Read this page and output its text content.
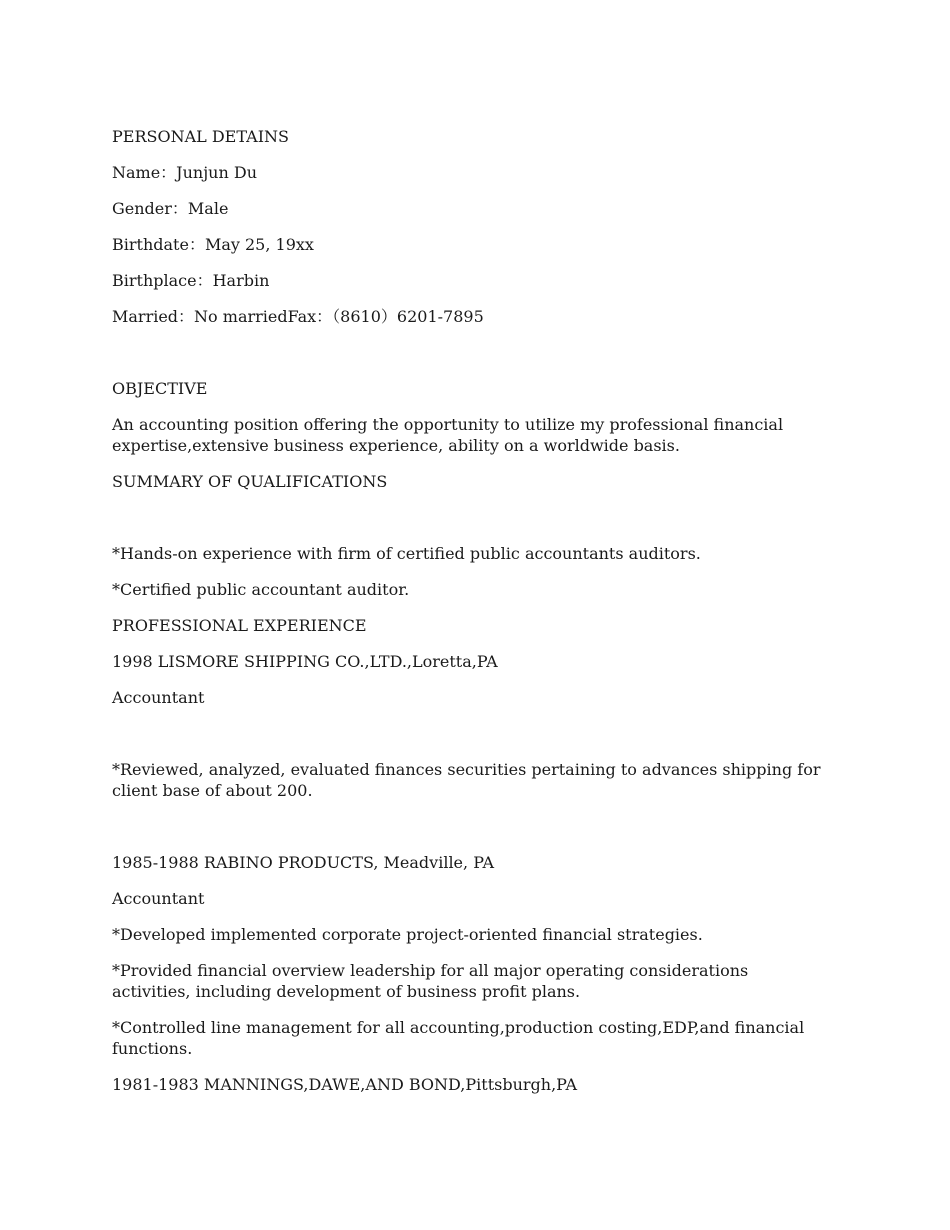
PERSONAL DETAINS
Name：Junjun Du
Gender：Male
Birthdate：May 25, 19xx
Birthplace：Harbin
Married：No marriedFax：（8610）6201-7895
OBJECTIVE
An accounting position offering the opportunity to utilize my professional financial expertise,extensive business experience, ability on a worldwide basis.
SUMMARY OF QUALIFICATIONS
*Hands-on experience with firm of certified public accountants auditors.
*Certified public accountant auditor.
PROFESSIONAL EXPERIENCE
1998 LISMORE SHIPPING CO.,LTD.,Loretta,PA
Accountant
*Reviewed, analyzed, evaluated finances securities pertaining to advances shipping for client base of about 200.
1985-1988 RABINO PRODUCTS, Meadville, PA
Accountant
*Developed implemented corporate project-oriented financial strategies.
*Provided financial overview leadership for all major operating considerations activities, including development of business profit plans.
*Controlled line management for all accounting,production costing,EDP,and financial functions.
1981-1983 MANNINGS,DAWE,AND BOND,Pittsburgh,PA
